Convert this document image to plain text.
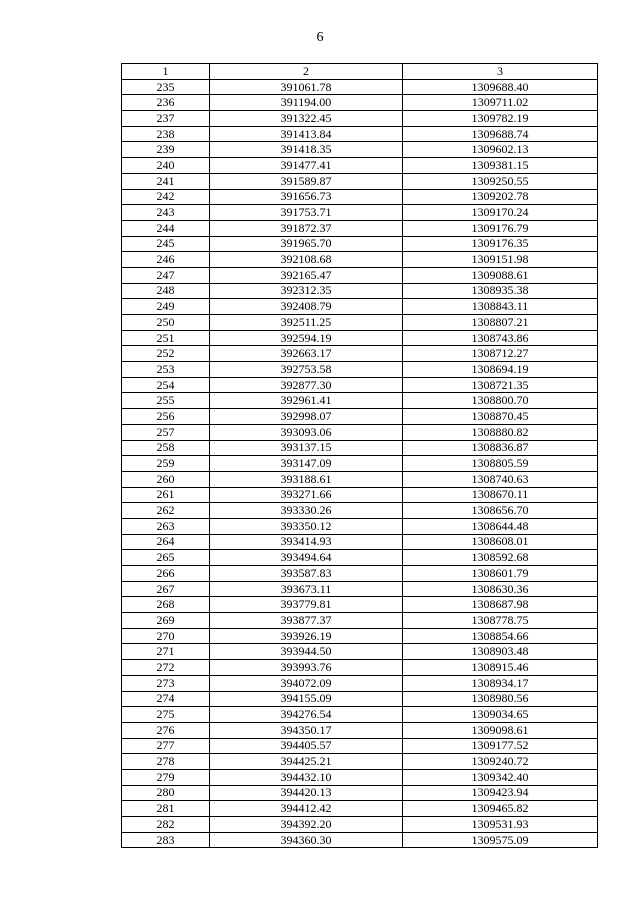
6
1	2	3
235	391061.78	1309688.40
236	391194.00	1309711.02
237	391322.45	1309782.19
238	391413.84	1309688.74
239	391418.35	1309602.13
240	391477.41	1309381.15
241	391589.87	1309250.55
242	391656.73	1309202.78
243	391753.71	1309170.24
244	391872.37	1309176.79
245	391965.70	1309176.35
246	392108.68	1309151.98
247	392165.47	1309088.61
248	392312.35	1308935.38
249	392408.79	1308843.11
250	392511.25	1308807.21
251	392594.19	1308743.86
252	392663.17	1308712.27
253	392753.58	1308694.19
254	392877.30	1308721.35
255	392961.41	1308800.70
256	392998.07	1308870.45
257	393093.06	1308880.82
258	393137.15	1308836.87
259	393147.09	1308805.59
260	393188.61	1308740.63
261	393271.66	1308670.11
262	393330.26	1308656.70
263	393350.12	1308644.48
264	393414.93	1308608.01
265	393494.64	1308592.68
266	393587.83	1308601.79
267	393673.11	1308630.36
268	393779.81	1308687.98
269	393877.37	1308778.75
270	393926.19	1308854.66
271	393944.50	1308903.48
272	393993.76	1308915.46
273	394072.09	1308934.17
274	394155.09	1308980.56
275	394276.54	1309034.65
276	394350.17	1309098.61
277	394405.57	1309177.52
278	394425.21	1309240.72
279	394432.10	1309342.40
280	394420.13	1309423.94
281	394412.42	1309465.82
282	394392.20	1309531.93
283	394360.30	1309575.09
